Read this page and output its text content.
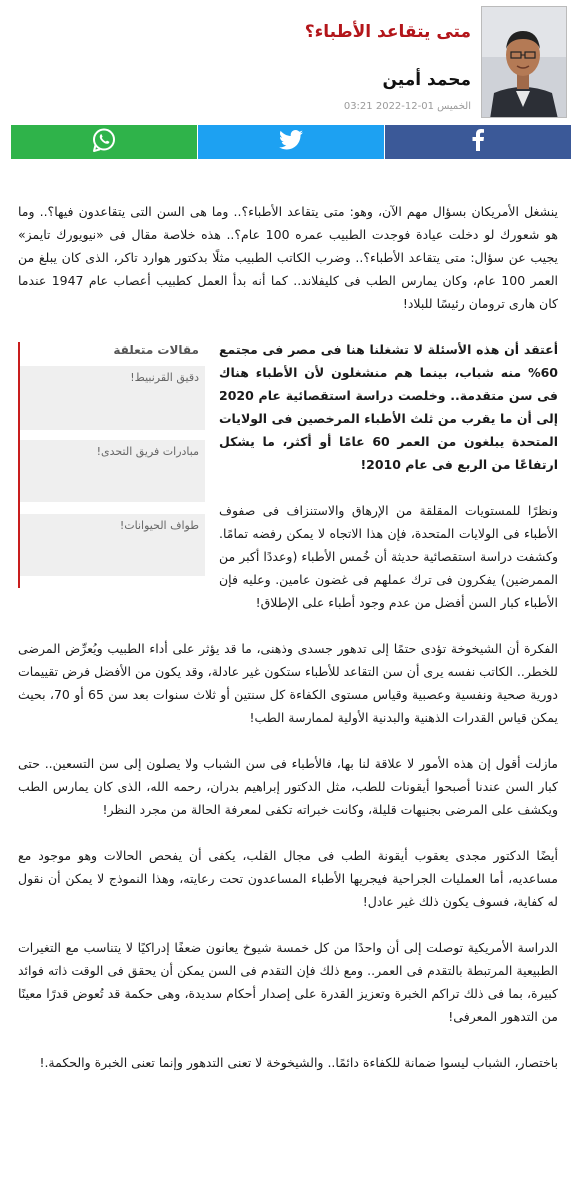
متى يتقاعد الأطباء؟
محمد أمين
الخميس 01-12-2022 03:21

ينشغل الأمريكان بسؤال مهم الآن، وهو: متى يتقاعد الأطباء؟.. وما هى السن التى يتقاعدون فيها؟.. وما هو شعورك لو دخلت عيادة فوجدت الطبيب عمره 100 عام؟.. هذه خلاصة مقال فى «نيويورك تايمز» يجيب عن سؤال: متى يتقاعد الأطباء؟.. وضرب الكاتب الطبيب مثلًا بدكتور هوارد تاكر، الذى كان يبلغ من العمر 100 عام، وكان يمارس الطب فى كليفلاند.. كما أنه بدأ العمل كطبيب أعصاب عام 1947 عندما كان هارى ترومان رئيسًا للبلاد!

مقالات متعلقة
دقيق القرنبيط!
مبادرات فريق التحدى!
طواف الحيوانات!

أعتقد أن هذه الأسئلة لا تشغلنا هنا فى مصر فى مجتمع 60% منه شباب، بينما هم منشغلون لأن الأطباء هناك فى سن متقدمة.. وخلصت دراسة استقصائية عام 2020 إلى أن ما يقرب من ثلث الأطباء المرخصين فى الولايات المتحدة يبلغون من العمر 60 عامًا أو أكثر، ما يشكل ارتفاعًا من الربع فى عام 2010!

ونظرًا للمستويات المقلقة من الإرهاق والاستنزاف فى صفوف الأطباء فى الولايات المتحدة، فإن هذا الاتجاه لا يمكن رفضه تمامًا. وكشفت دراسة استقصائية حديثة أن خُمس الأطباء (وعددًا أكبر من الممرضين) يفكرون فى ترك عملهم فى غضون عامين. وعليه فإن الأطباء كبار السن أفضل من عدم وجود أطباء على الإطلاق!

الفكرة أن الشيخوخة تؤدى حتمًا إلى تدهور جسدى وذهنى، ما قد يؤثر على أداء الطبيب ويُعرِّض المرضى للخطر.. الكاتب نفسه يرى أن سن التقاعد للأطباء ستكون غير عادلة، وقد يكون من الأفضل فرض تقييمات دورية صحية ونفسية وعصبية وقياس مستوى الكفاءة كل سنتين أو ثلاث سنوات بعد سن 65 أو 70، بحيث يمكن قياس القدرات الذهنية والبدنية الأولية لممارسة الطب!

مازلت أقول إن هذه الأمور لا علاقة لنا بها، فالأطباء فى سن الشباب ولا يصلون إلى سن التسعين.. حتى كبار السن عندنا أصبحوا أيقونات للطب، مثل الدكتور إبراهيم بدران، رحمه الله، الذى كان يمارس الطب ويكشف على المرضى بجنيهات قليلة، وكانت خبراته تكفى لمعرفة الحالة من مجرد النظر!

أيضًا الدكتور مجدى يعقوب أيقونة الطب فى مجال القلب، يكفى أن يفحص الحالات وهو موجود مع مساعديه، أما العمليات الجراحية فيجريها الأطباء المساعدون تحت رعايته، وهذا النموذج لا يمكن أن نقول له كفاية، فسوف يكون ذلك غير عادل!

الدراسة الأمريكية توصلت إلى أن واحدًا من كل خمسة شيوخ يعانون ضعفًا إدراكيًا لا يتناسب مع التغيرات الطبيعية المرتبطة بالتقدم فى العمر.. ومع ذلك فإن التقدم فى السن يمكن أن يحقق فى الوقت ذاته فوائد كبيرة، بما فى ذلك تراكم الخبرة وتعزيز القدرة على إصدار أحكام سديدة، وهى حكمة قد تُعوض قدرًا معينًا من التدهور المعرفى!

باختصار، الشباب ليسوا ضمانة للكفاءة دائمًا.. والشيخوخة لا تعنى التدهور وإنما تعنى الخبرة والحكمة.!
